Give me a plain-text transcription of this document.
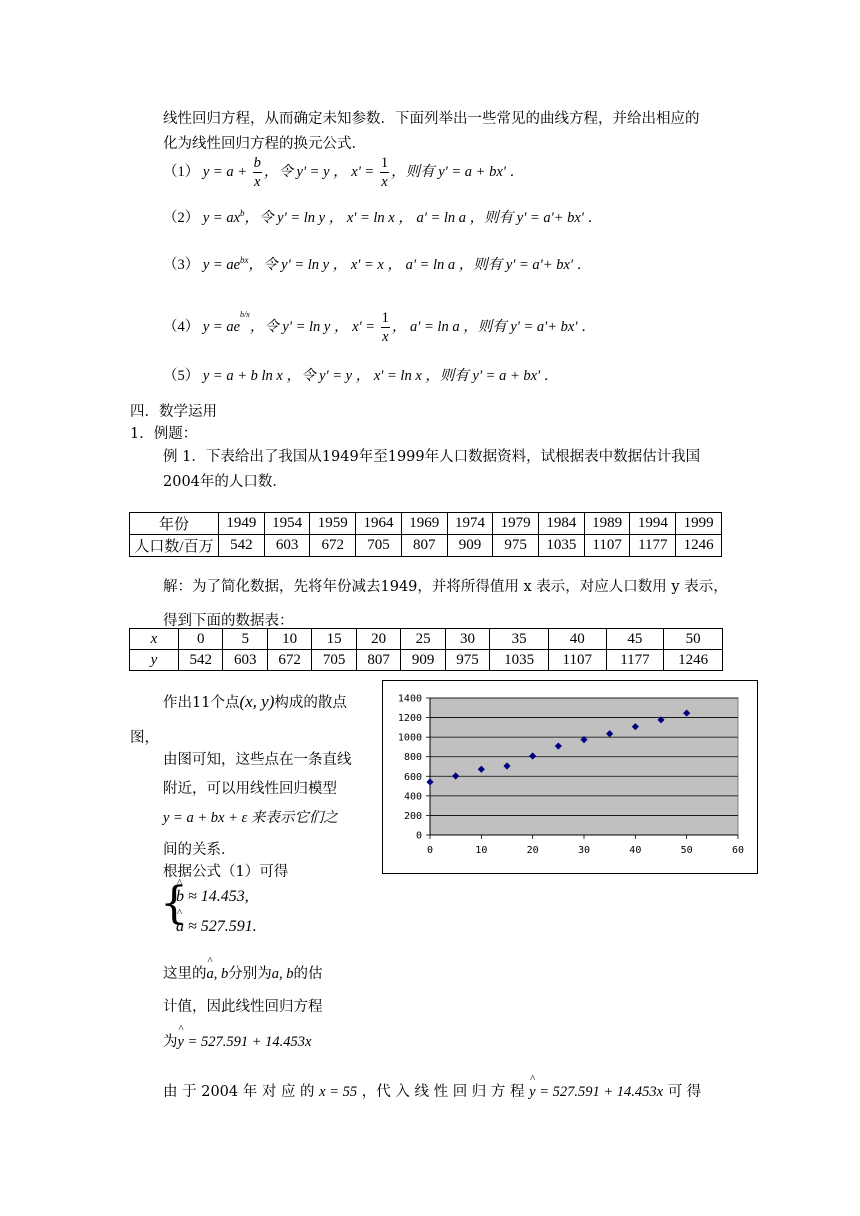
线性回归方程，从而确定未知参数．下面列举出一些常见的曲线方程，并给出相应的
化为线性回归方程的换元公式．
（1） $y = a + \frac{b}{x}$ ，令 y' = y ， $x' = \frac{1}{x}$ ，则有 y' = a + bx' ．
（2） $y = ax^b$，令 y' = ln y ， x' = ln x ， a' = ln a ，则有 y' = a'+ bx' ．
（3） $y = ae^{bx}$，令 y' = ln y ， x' = x ， a' = ln a ，则有 y' = a'+ bx' ．
（4） $y = ae^{b/x}$，令 y' = ln y ， $x' = \frac{1}{x}$ ， a' = ln a ，则有 y' = a'+ bx' ．
（5） y = a + b ln x ，令 y' = y ， x' = ln x ，则有 y' = a + bx' ．
四．数学运用
1．例题：
例 1．下表给出了我国从1949年至1999年人口数据资料，试根据表中数据估计我国
2004年的人口数．
年份	1949	1954	1959	1964	1969	1974	1979	1984	1989	1994	1999
人口数/百万	542	603	672	705	807	909	975	1035	1107	1177	1246
解：为了简化数据，先将年份减去1949，并将所得值用 x 表示，对应人口数用 y 表示，
得到下面的数据表：
x	0	5	10	15	20	25	30	35	40	45	50
y	542	603	672	705	807	909	975	1035	1107	1177	1246
作出11个点(x, y)构成的散点
图，
由图可知，这些点在一条直线
附近，可以用线性回归模型
y = a + bx + ε 来表示它们之
间的关系．
根据公式（1）可得
{
^ b ≈ 14.453,
^ a ≈ 527.591.
这里的^ a, b分别为a, b的估
计值，因此线性回归方程
为^ y = 527.591 + 14.453x
由 于 2004 年 对 应 的 x = 55 ，代 入 线 性 回 归 方 程 ^ y = 527.591 + 14.453x 可 得
0
200
400
600
800
1000
1200
1400
0	10	20	30	40	50	60
